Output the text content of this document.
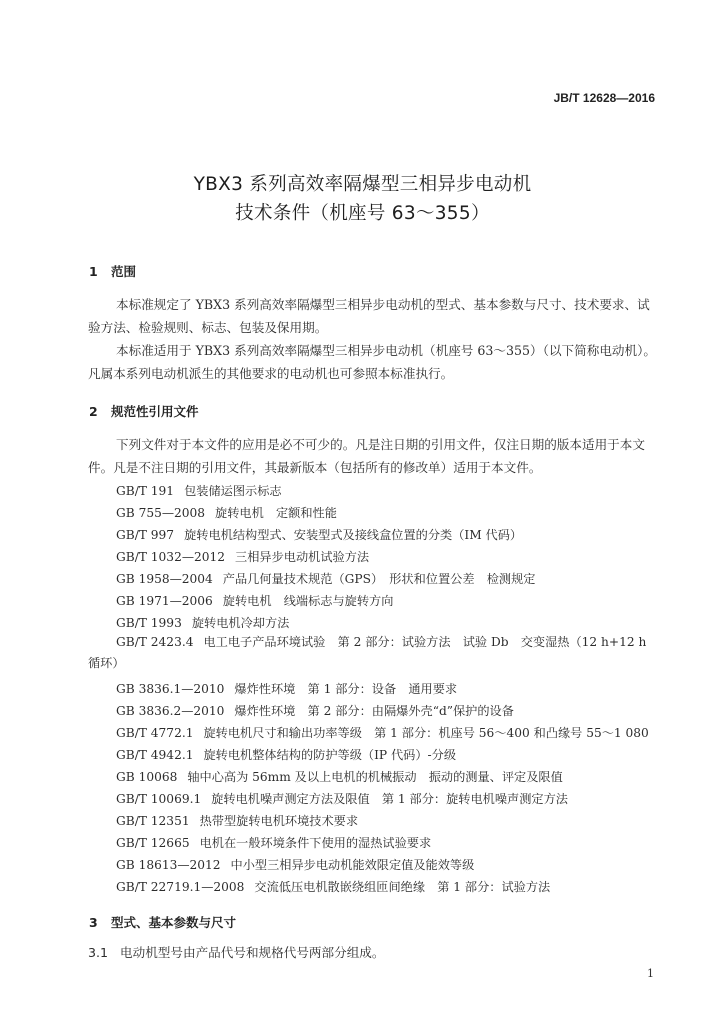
JB/T 12628—2016
YBX3 系列高效率隔爆型三相异步电动机
技术条件（机座号 63～355）
1 范围
本标准规定了 YBX3 系列高效率隔爆型三相异步电动机的型式、基本参数与尺寸、技术要求、试验方法、检验规则、标志、包装及保用期。
本标准适用于 YBX3 系列高效率隔爆型三相异步电动机（机座号 63～355）（以下简称电动机）。凡属本系列电动机派生的其他要求的电动机也可参照本标准执行。
2 规范性引用文件
下列文件对于本文件的应用是必不可少的。凡是注日期的引用文件，仅注日期的版本适用于本文件。凡是不注日期的引用文件，其最新版本（包括所有的修改单）适用于本文件。
GB/T 191 包装储运图示标志
GB 755—2008 旋转电机　定额和性能
GB/T 997 旋转电机结构型式、安装型式及接线盒位置的分类（IM 代码）
GB/T 1032—2012 三相异步电动机试验方法
GB 1958—2004 产品几何量技术规范（GPS）　形状和位置公差　检测规定
GB 1971—2006 旋转电机　线端标志与旋转方向
GB/T 1993 旋转电机冷却方法
GB/T 2423.4 电工电子产品环境试验　第 2 部分：试验方法　试验 Db　交变湿热（12 h+12 h 循环）
GB 3836.1—2010 爆炸性环境　第 1 部分：设备　通用要求
GB 3836.2—2010 爆炸性环境　第 2 部分：由隔爆外壳“d”保护的设备
GB/T 4772.1 旋转电机尺寸和输出功率等级　第 1 部分：机座号 56～400 和凸缘号 55～1 080
GB/T 4942.1 旋转电机整体结构的防护等级（IP 代码）-分级
GB 10068 轴中心高为 56mm 及以上电机的机械振动　振动的测量、评定及限值
GB/T 10069.1 旋转电机噪声测定方法及限值　第 1 部分：旋转电机噪声测定方法
GB/T 12351 热带型旋转电机环境技术要求
GB/T 12665 电机在一般环境条件下使用的湿热试验要求
GB 18613—2012 中小型三相异步电动机能效限定值及能效等级
GB/T 22719.1—2008 交流低压电机散嵌绕组匝间绝缘　第 1 部分：试验方法
3 型式、基本参数与尺寸
3.1 电动机型号由产品代号和规格代号两部分组成。
1
